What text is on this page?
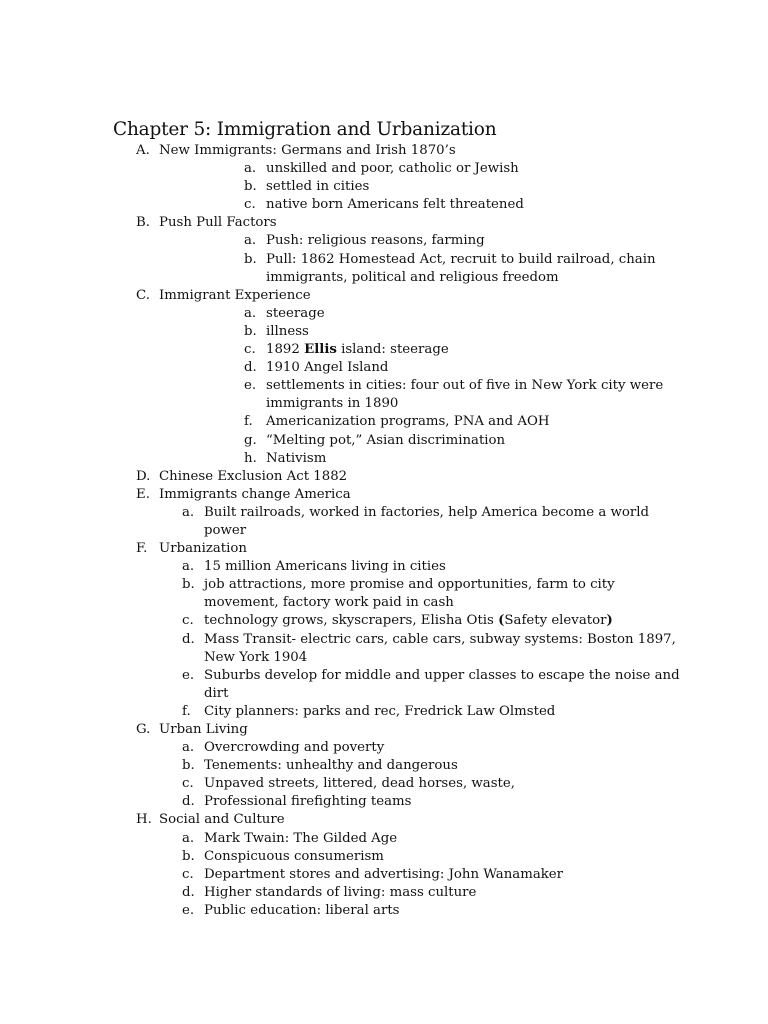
Chapter 5: Immigration and Urbanization
A. New Immigrants: Germans and Irish 1870’s
a. unskilled and poor, catholic or Jewish
b. settled in cities
c. native born Americans felt threatened
B. Push Pull Factors
a. Push: religious reasons, farming
b. Pull: 1862 Homestead Act, recruit to build railroad, chain
immigrants, political and religious freedom
C. Immigrant Experience
a. steerage
b. illness
c. 1892 Ellis island: steerage
d. 1910 Angel Island
e. settlements in cities: four out of five in New York city were
immigrants in 1890
f. Americanization programs, PNA and AOH
g. “Melting pot,” Asian discrimination
h. Nativism
D. Chinese Exclusion Act 1882
E. Immigrants change America
a. Built railroads, worked in factories, help America become a world
power
F. Urbanization
a. 15 million Americans living in cities
b. job attractions, more promise and opportunities, farm to city
movement, factory work paid in cash
c. technology grows, skyscrapers, Elisha Otis (Safety elevator)
d. Mass Transit- electric cars, cable cars, subway systems: Boston 1897,
New York 1904
e. Suburbs develop for middle and upper classes to escape the noise and
dirt
f. City planners: parks and rec, Fredrick Law Olmsted
G. Urban Living
a. Overcrowding and poverty
b. Tenements: unhealthy and dangerous
c. Unpaved streets, littered, dead horses, waste,
d. Professional firefighting teams
H. Social and Culture
a. Mark Twain: The Gilded Age
b. Conspicuous consumerism
c. Department stores and advertising: John Wanamaker
d. Higher standards of living: mass culture
e. Public education: liberal arts
